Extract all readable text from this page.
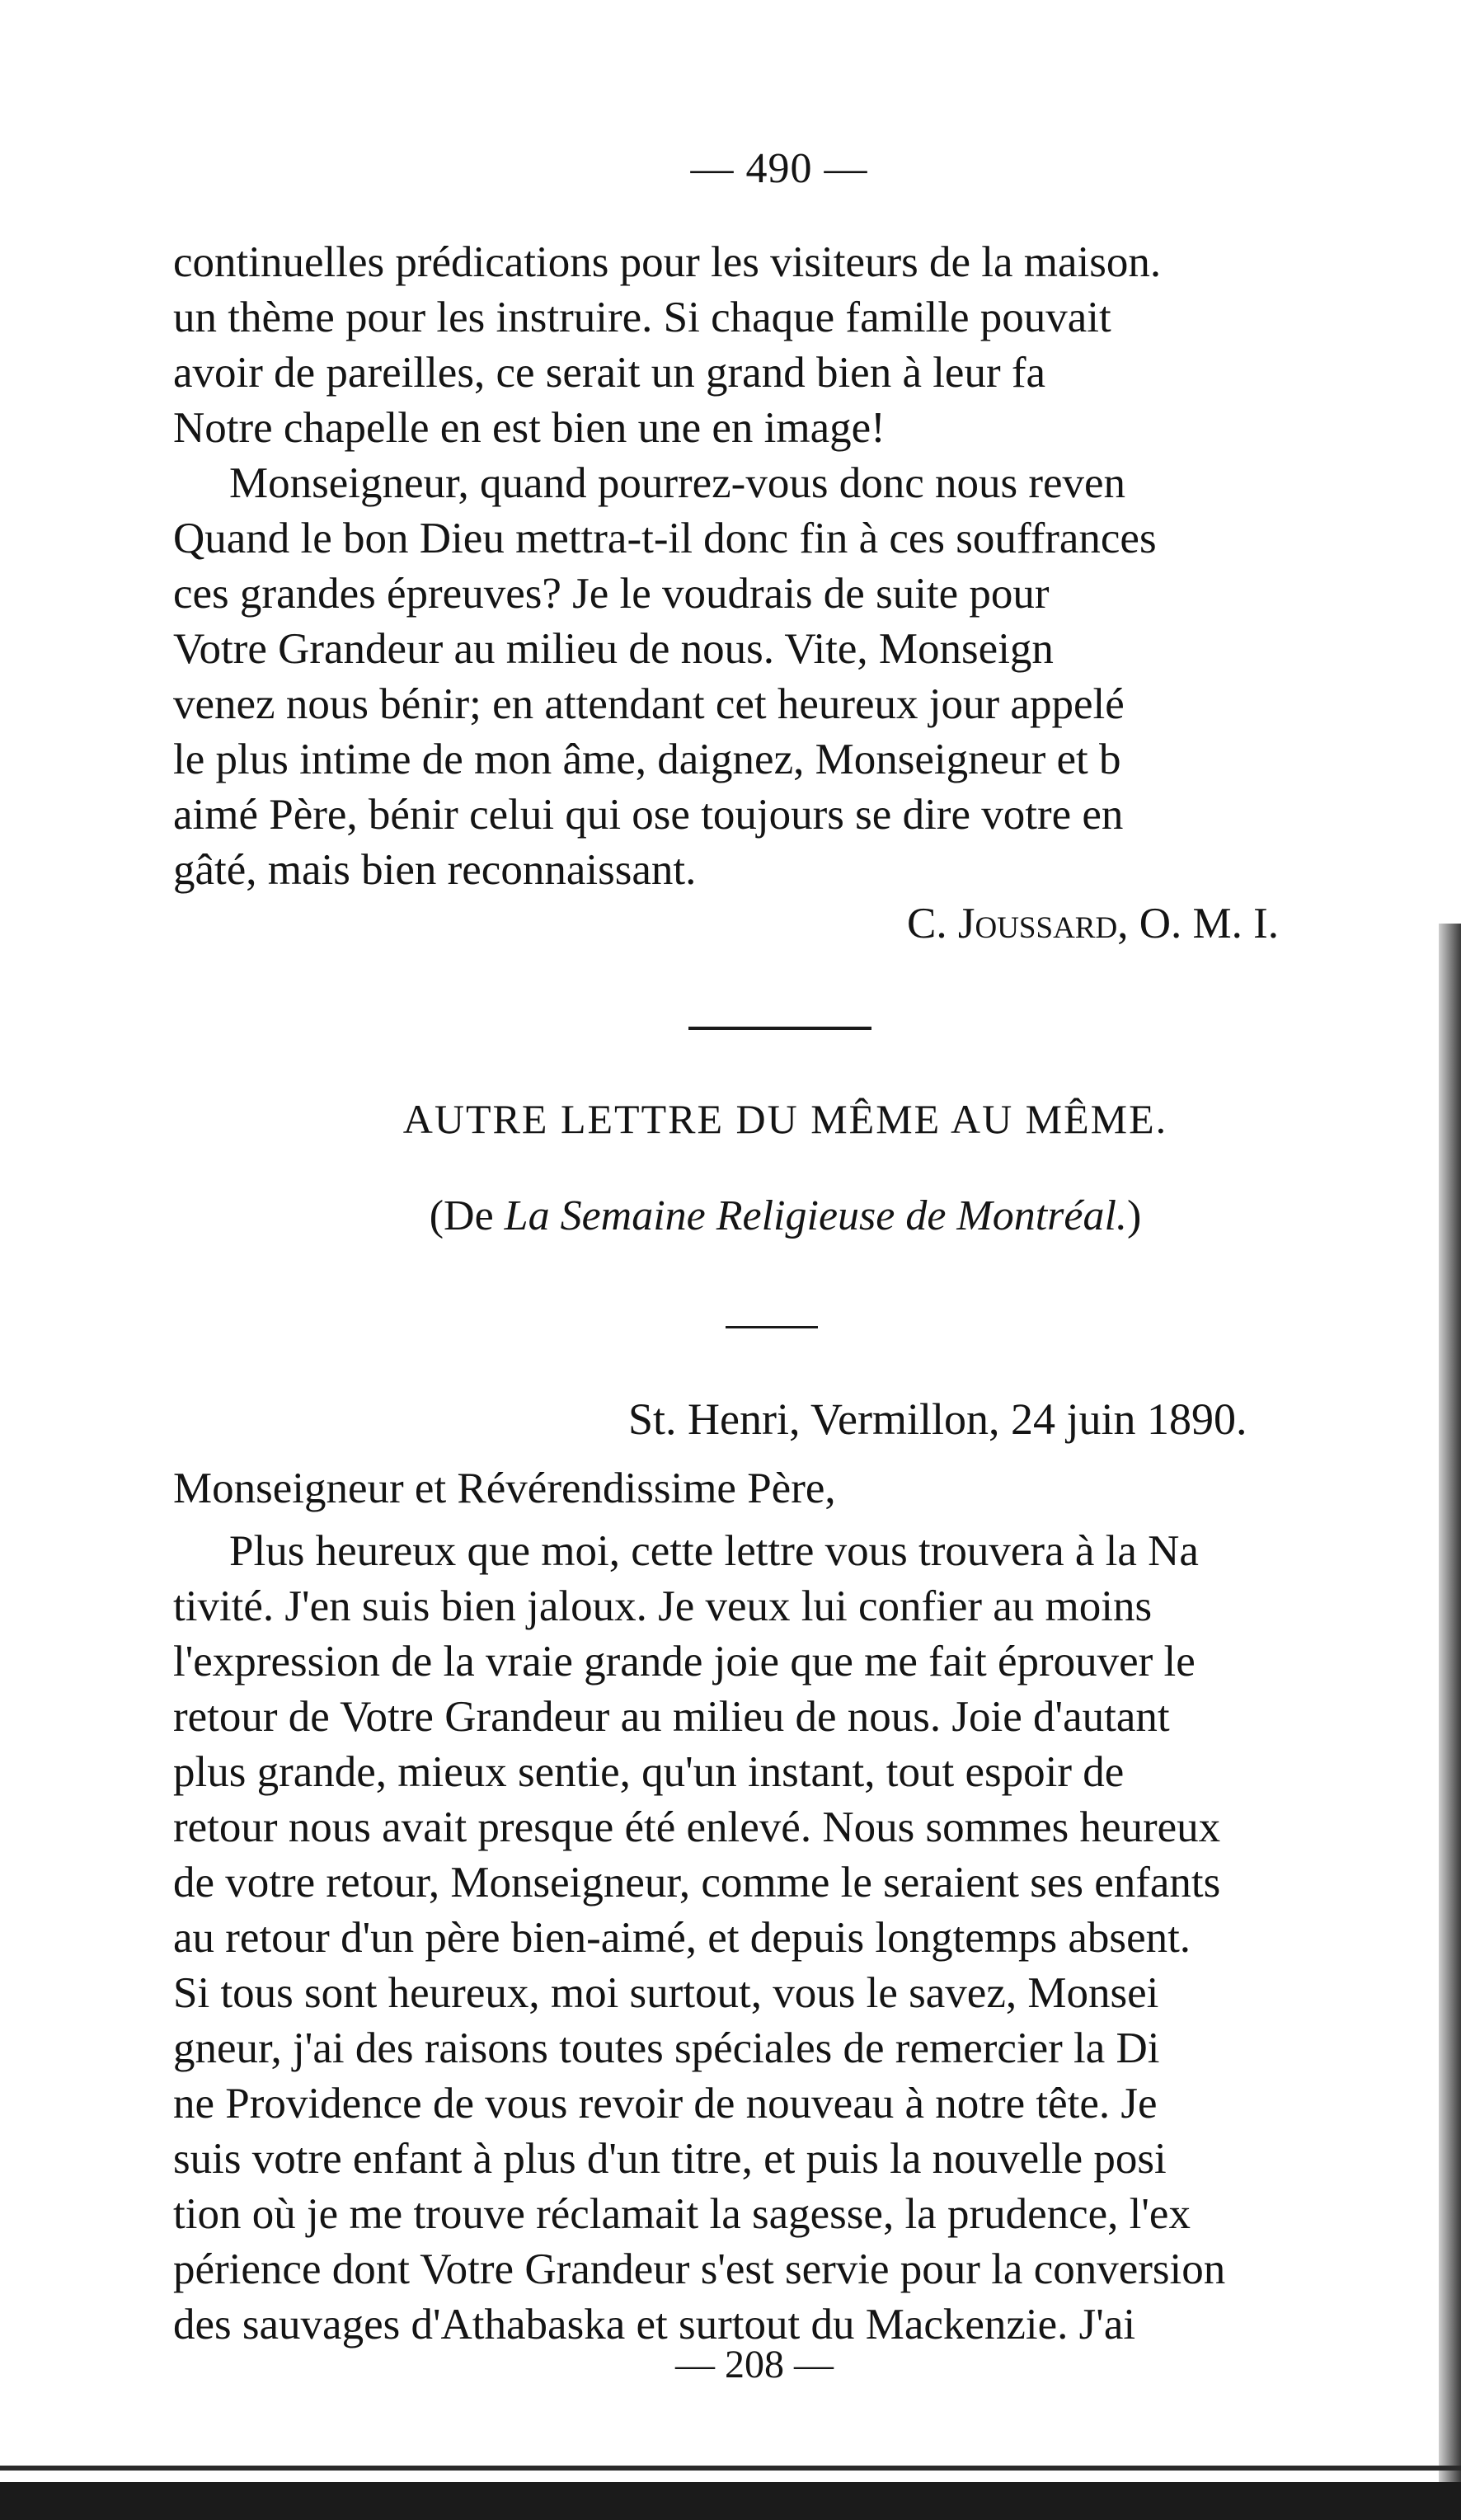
— 490 —
continuelles prédications pour les visiteurs de la maison.
un thème pour les instruire. Si chaque famille pouvait
avoir de pareilles, ce serait un grand bien à leur fa
Notre chapelle en est bien une en image!
Monseigneur, quand pourrez-vous donc nous reven
Quand le bon Dieu mettra-t-il donc fin à ces souffrances
ces grandes épreuves? Je le voudrais de suite pour
Votre Grandeur au milieu de nous. Vite, Monseign
venez nous bénir; en attendant cet heureux jour appelé
le plus intime de mon âme, daignez, Monseigneur et b
aimé Père, bénir celui qui ose toujours se dire votre en
gâté, mais bien reconnaissant.
C. Joussard, O. M. I.
AUTRE LETTRE DU MÊME AU MÊME.
(De La Semaine Religieuse de Montréal.)
St. Henri, Vermillon, 24 juin 1890.
Monseigneur et Révérendissime Père,
Plus heureux que moi, cette lettre vous trouvera à la Na
tivité. J'en suis bien jaloux. Je veux lui confier au moins
l'expression de la vraie grande joie que me fait éprouver le
retour de Votre Grandeur au milieu de nous. Joie d'autant
plus grande, mieux sentie, qu'un instant, tout espoir de
retour nous avait presque été enlevé. Nous sommes heureux
de votre retour, Monseigneur, comme le seraient ses enfants
au retour d'un père bien-aimé, et depuis longtemps absent.
Si tous sont heureux, moi surtout, vous le savez, Monsei
gneur, j'ai des raisons toutes spéciales de remercier la Di
ne Providence de vous revoir de nouveau à notre tête. Je
suis votre enfant à plus d'un titre, et puis la nouvelle posi
tion où je me trouve réclamait la sagesse, la prudence, l'ex
périence dont Votre Grandeur s'est servie pour la conversion
des sauvages d'Athabaska et surtout du Mackenzie. J'ai
— 208 —
